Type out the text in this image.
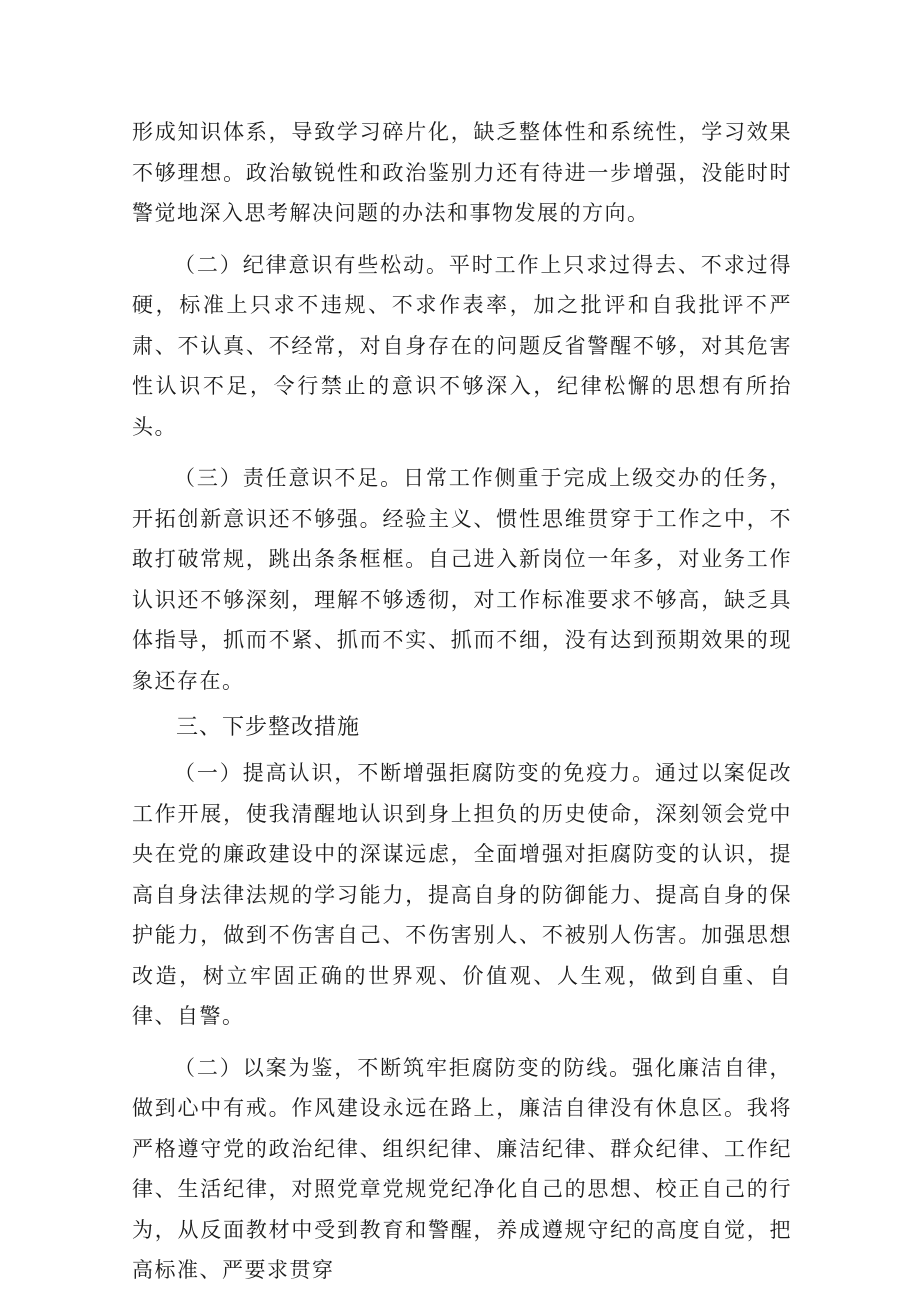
形成知识体系，导致学习碎片化，缺乏整体性和系统性，学习效果不够理想。政治敏锐性和政治鉴别力还有待进一步增强，没能时时警觉地深入思考解决问题的办法和事物发展的方向。

（二）纪律意识有些松动。平时工作上只求过得去、不求过得硬，标准上只求不违规、不求作表率，加之批评和自我批评不严肃、不认真、不经常，对自身存在的问题反省警醒不够，对其危害性认识不足，令行禁止的意识不够深入，纪律松懈的思想有所抬头。

（三）责任意识不足。日常工作侧重于完成上级交办的任务，开拓创新意识还不够强。经验主义、惯性思维贯穿于工作之中，不敢打破常规，跳出条条框框。自己进入新岗位一年多，对业务工作认识还不够深刻，理解不够透彻，对工作标准要求不够高，缺乏具体指导，抓而不紧、抓而不实、抓而不细，没有达到预期效果的现象还存在。

三、下步整改措施

（一）提高认识，不断增强拒腐防变的免疫力。通过以案促改工作开展，使我清醒地认识到身上担负的历史使命，深刻领会党中央在党的廉政建设中的深谋远虑，全面增强对拒腐防变的认识，提高自身法律法规的学习能力，提高自身的防御能力、提高自身的保护能力，做到不伤害自己、不伤害别人、不被别人伤害。加强思想改造，树立牢固正确的世界观、价值观、人生观，做到自重、自律、自警。

（二）以案为鉴，不断筑牢拒腐防变的防线。强化廉洁自律，做到心中有戒。作风建设永远在路上，廉洁自律没有休息区。我将严格遵守党的政治纪律、组织纪律、廉洁纪律、群众纪律、工作纪律、生活纪律，对照党章党规党纪净化自己的思想、校正自己的行为，从反面教材中受到教育和警醒，养成遵规守纪的高度自觉，把高标准、严要求贯穿
